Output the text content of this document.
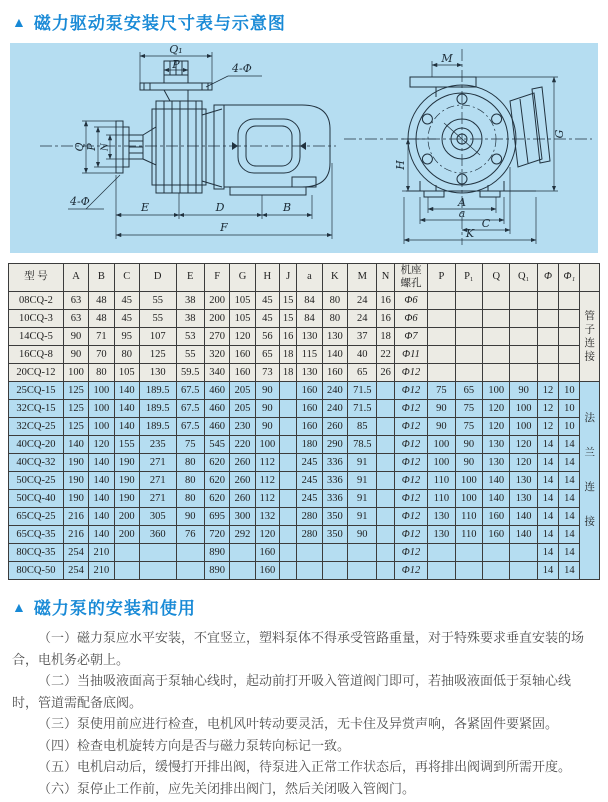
▲ 磁力驱动泵安装尺寸表与示意图
Q P N
4-Φ	E	D	B
F
Q₁
P	4-Φ
M
G
H
A
a
C
K
型 号	A	B	C	D	E	F	G	H	J	a	K	M	N	机座螺孔	P	P₁	Q	Q₁	Φ	Φ₁	
08CQ-2	63	48	45	55	38	200	105	45	15	84	80	24	16	Φ6							管子连接
10CQ-3	63	48	45	55	38	200	105	45	15	84	80	24	16	Φ6							
14CQ-5	90	71	95	107	53	270	120	56	16	130	130	37	18	Φ7							
16CQ-8	90	70	80	125	55	320	160	65	18	115	140	40	22	Φ11							
20CQ-12	100	80	105	130	59.5	340	160	73	18	130	160	65	26	Φ12							
25CQ-15	125	100	140	189.5	67.5	460	205	90		160	240	71.5		Φ12	75	65	100	90	12	10	法兰连接
32CQ-15	125	100	140	189.5	67.5	460	205	90		160	240	71.5		Φ12	90	75	120	100	12	10	
32CQ-25	125	100	140	189.5	67.5	460	230	90		160	260	85		Φ12	90	75	120	100	12	10	
40CQ-20	140	120	155	235	75	545	220	100		180	290	78.5		Φ12	100	90	130	120	14	14	
40CQ-32	190	140	190	271	80	620	260	112		245	336	91		Φ12	100	90	130	120	14	14	
50CQ-25	190	140	190	271	80	620	260	112		245	336	91		Φ12	110	100	140	130	14	14	
50CQ-40	190	140	190	271	80	620	260	112		245	336	91		Φ12	110	100	140	130	14	14	
65CQ-25	216	140	200	305	90	695	300	132		280	350	91		Φ12	130	110	160	140	14	14	
65CQ-35	216	140	200	360	76	720	292	120		280	350	90		Φ12	130	110	160	140	14	14	
80CQ-35	254	210				890		160						Φ12					14	14	
80CQ-50	254	210				890		160						Φ12					14	14	
▲ 磁力泵的安装和使用

（一）磁力泵应水平安装，不宜竖立，塑料泵体不得承受管路重量，对于特殊要求垂直安装的场合，电机务必朝上。

（二）当抽吸液面高于泵轴心线时，起动前打开吸入管道阀门即可，若抽吸液面低于泵轴心线时，管道需配备底阀。

（三）泵使用前应进行检查，电机风叶转动要灵活，无卡住及异赏声响，各紧固件要紧固。

（四）检查电机旋转方向是否与磁力泵转向标记一致。

（五）电机启动后，缓慢打开排出阀，待泵进入正常工作状态后，再将排出阀调到所需开度。

（六）泵停止工作前，应先关闭排出阀门，然后关闭吸入管阀门。
